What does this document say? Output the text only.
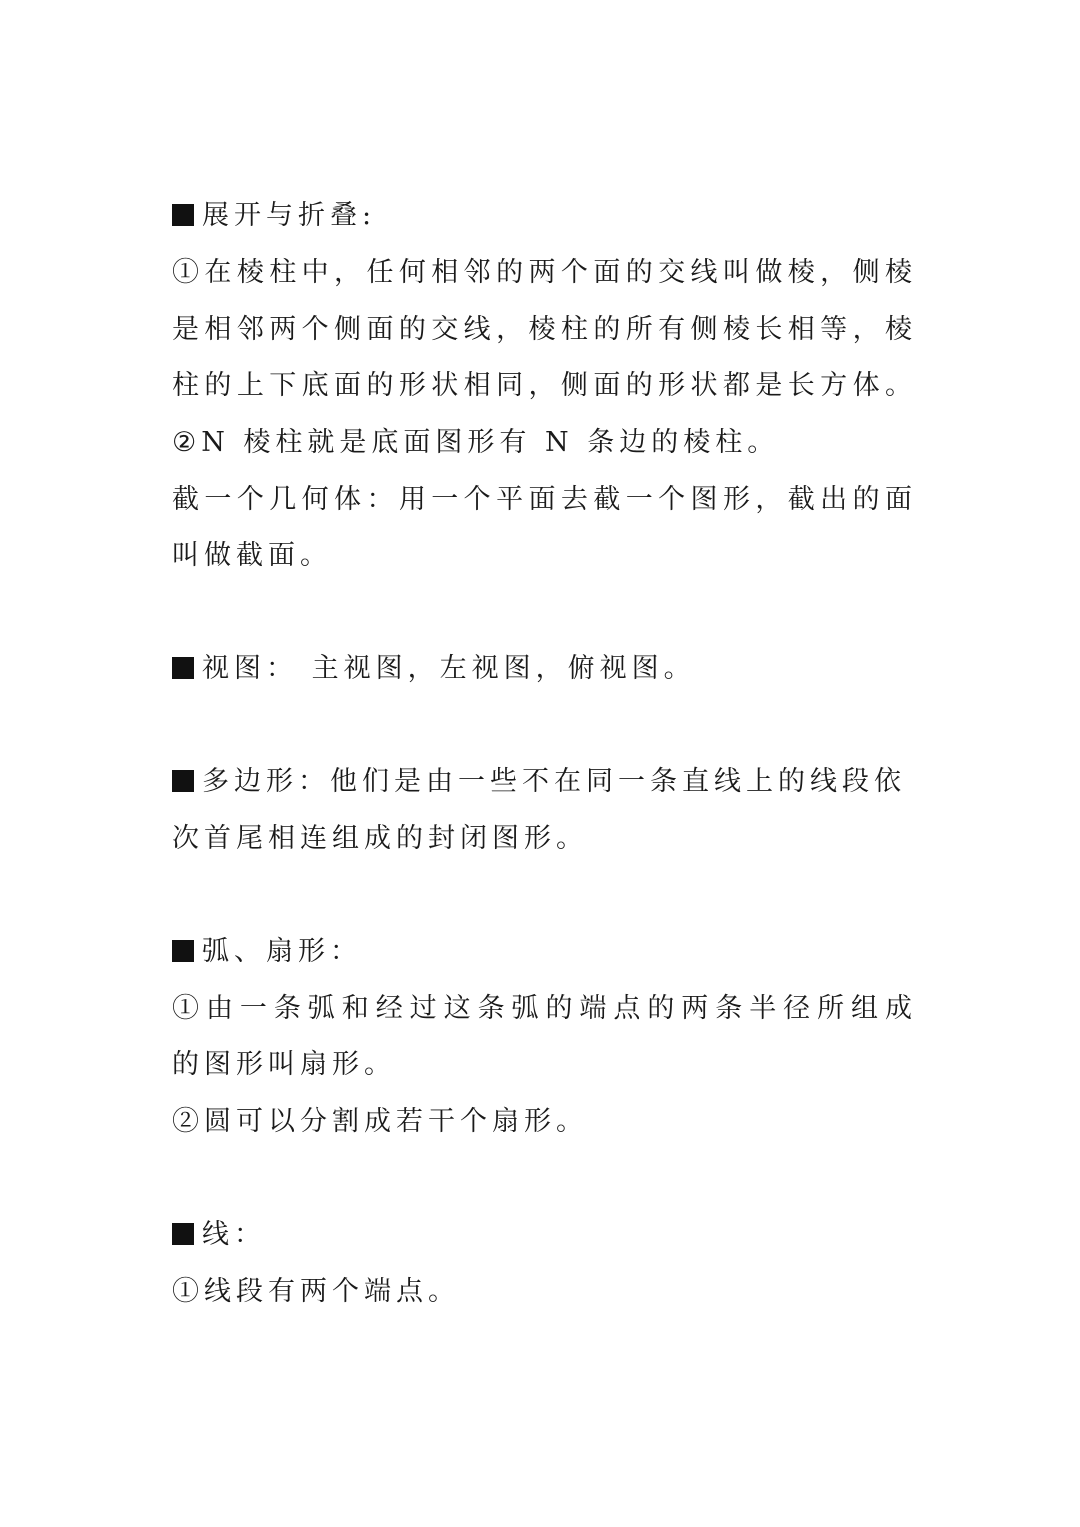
展开与折叠:
①在棱柱中，任何相邻的两个面的交线叫做棱，侧棱
是相邻两个侧面的交线，棱柱的所有侧棱长相等，棱
柱的上下底面的形状相同，侧面的形状都是长方体。
②N 棱柱就是底面图形有 N 条边的棱柱。
截一个几何体：用一个平面去截一个图形，截出的面
叫做截面。
视图： 主视图，左视图，俯视图。
多边形：他们是由一些不在同一条直线上的线段依
次首尾相连组成的封闭图形。
弧、扇形：
①由一条弧和经过这条弧的端点的两条半径所组成
的图形叫扇形。
②圆可以分割成若干个扇形。
线：
①线段有两个端点。
